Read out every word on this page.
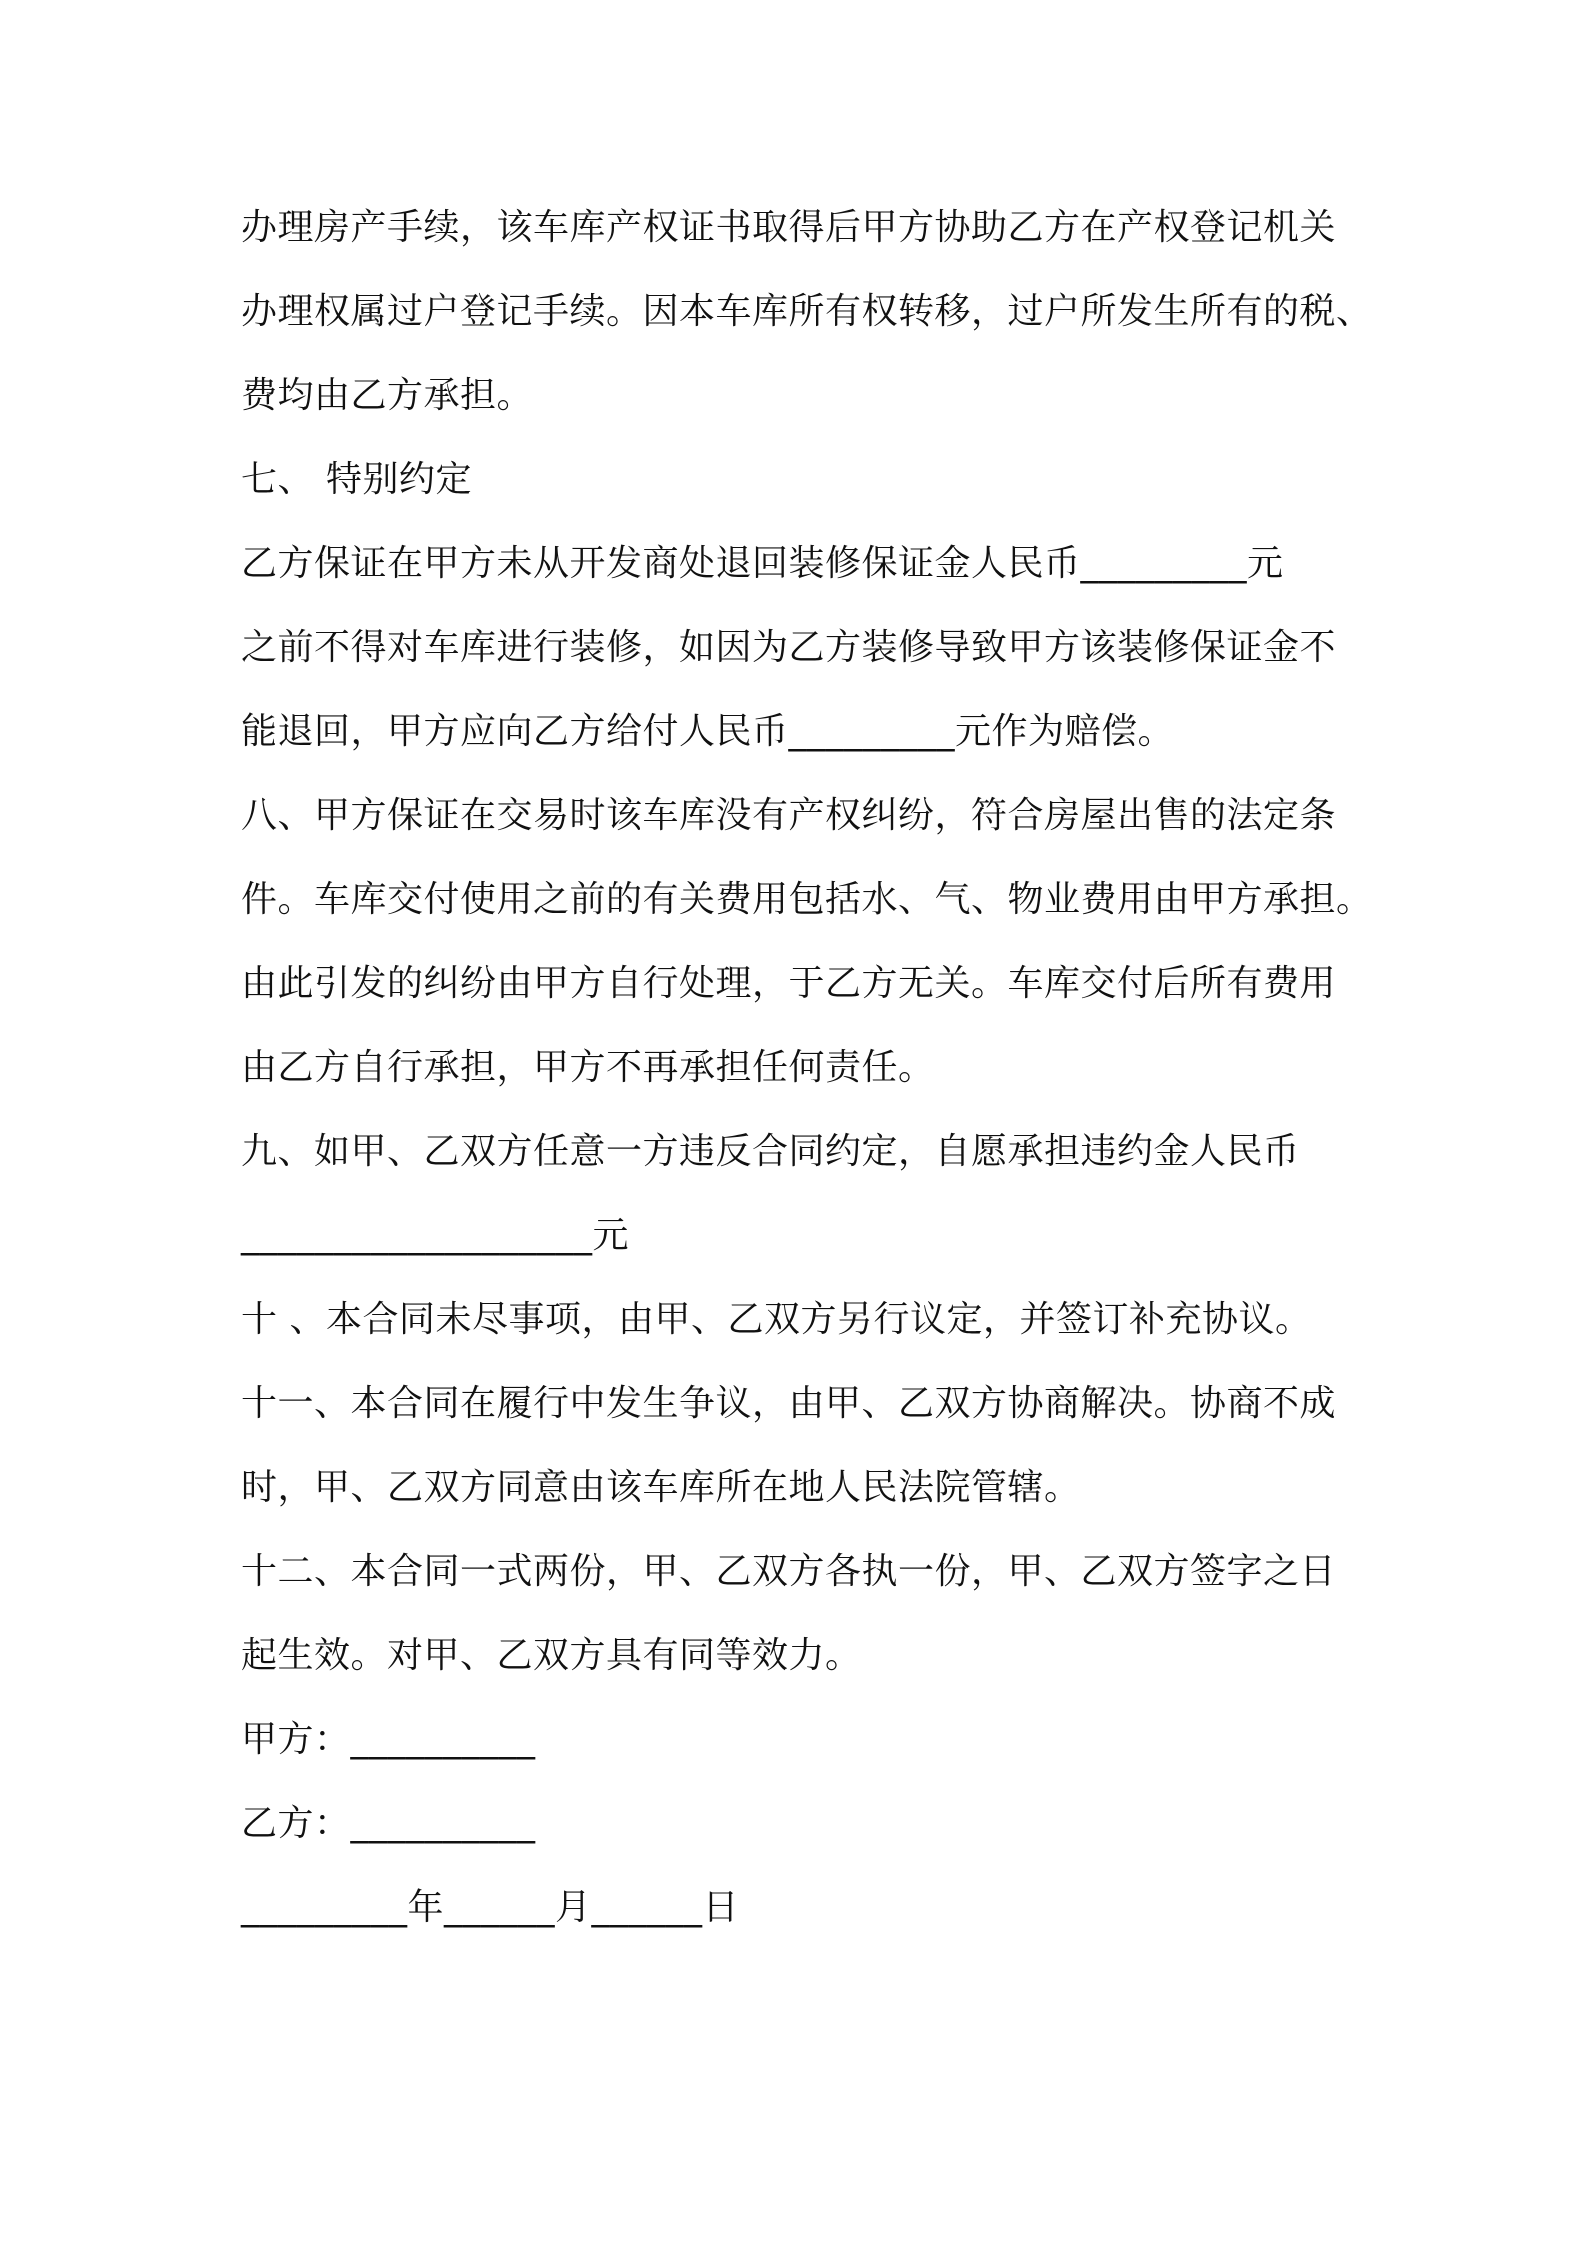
办理房产手续，该车库产权证书取得后甲方协助乙方在产权登记机关
办理权属过户登记手续。因本车库所有权转移，过户所发生所有的税、
费均由乙方承担。
七、 特别约定
乙方保证在甲方未从开发商处退回装修保证金人民币_________元
之前不得对车库进行装修，如因为乙方装修导致甲方该装修保证金不
能退回，甲方应向乙方给付人民币_________元作为赔偿。
八、甲方保证在交易时该车库没有产权纠纷，符合房屋出售的法定条
件。车库交付使用之前的有关费用包括水、气、物业费用由甲方承担。
由此引发的纠纷由甲方自行处理，于乙方无关。车库交付后所有费用
由乙方自行承担，甲方不再承担任何责任。
九、如甲、乙双方任意一方违反合同约定，自愿承担违约金人民币
___________________元
十 、本合同未尽事项，由甲、乙双方另行议定，并签订补充协议。
十一、本合同在履行中发生争议，由甲、乙双方协商解决。协商不成
时，甲、乙双方同意由该车库所在地人民法院管辖。
十二、本合同一式两份，甲、乙双方各执一份，甲、乙双方签字之日
起生效。对甲、乙双方具有同等效力。
甲方：__________
乙方：__________
_________年______月______日
